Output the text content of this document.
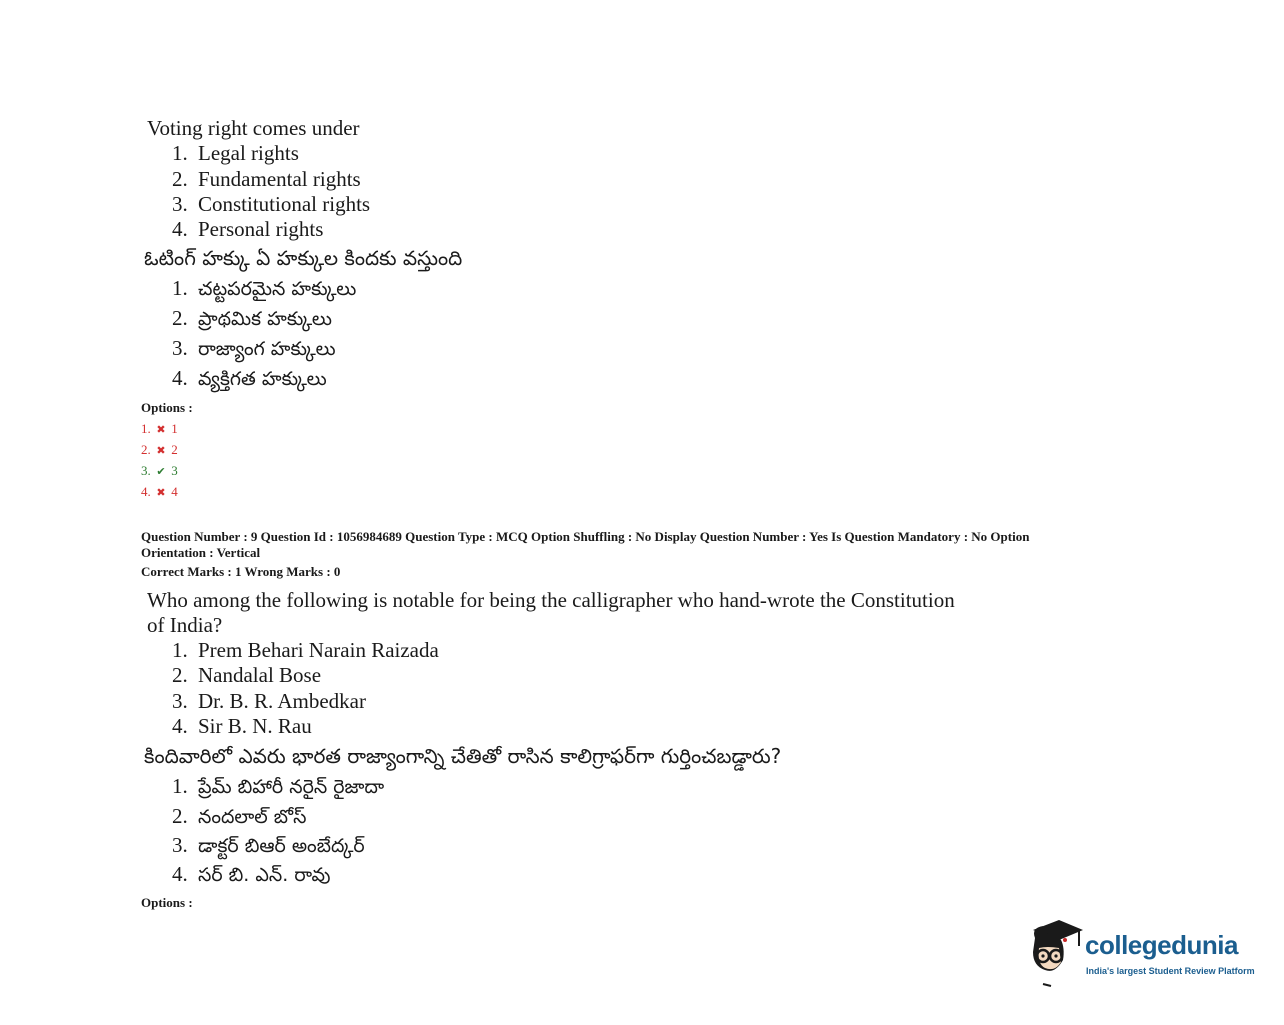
Voting right comes under
1. Legal rights
2. Fundamental rights
3. Constitutional rights
4. Personal rights
ఓటింగ్ హక్కు ఏ హక్కుల కిందకు వస్తుంది
1. చట్టపరమైన హక్కులు
2. ప్రాథమిక హక్కులు
3. రాజ్యాంగ హక్కులు
4. వ్యక్తిగత హక్కులు
Options :
1. ✖ 1
2. ✖ 2
3. ✔ 3
4. ✖ 4
Question Number : 9 Question Id : 1056984689 Question Type : MCQ Option Shuffling : No Display Question Number : Yes Is Question Mandatory : No Option
Orientation : Vertical
Correct Marks : 1 Wrong Marks : 0
Who among the following is notable for being the calligrapher who hand-wrote the Constitution
of India?
1. Prem Behari Narain Raizada
2. Nandalal Bose
3. Dr. B. R. Ambedkar
4. Sir B. N. Rau
కిందివారిలో ఎవరు భారత రాజ్యాంగాన్ని చేతితో రాసిన కాలిగ్రాఫర్‌గా గుర్తించబడ్డారు?
1. ప్రేమ్ బిహారీ నరైన్ రైజాదా
2. నందలాల్ బోస్
3. డాక్టర్ బిఆర్ అంబేద్కర్
4. సర్ బి. ఎన్. రావు
Options :
collegedunia
India's largest Student Review Platform
